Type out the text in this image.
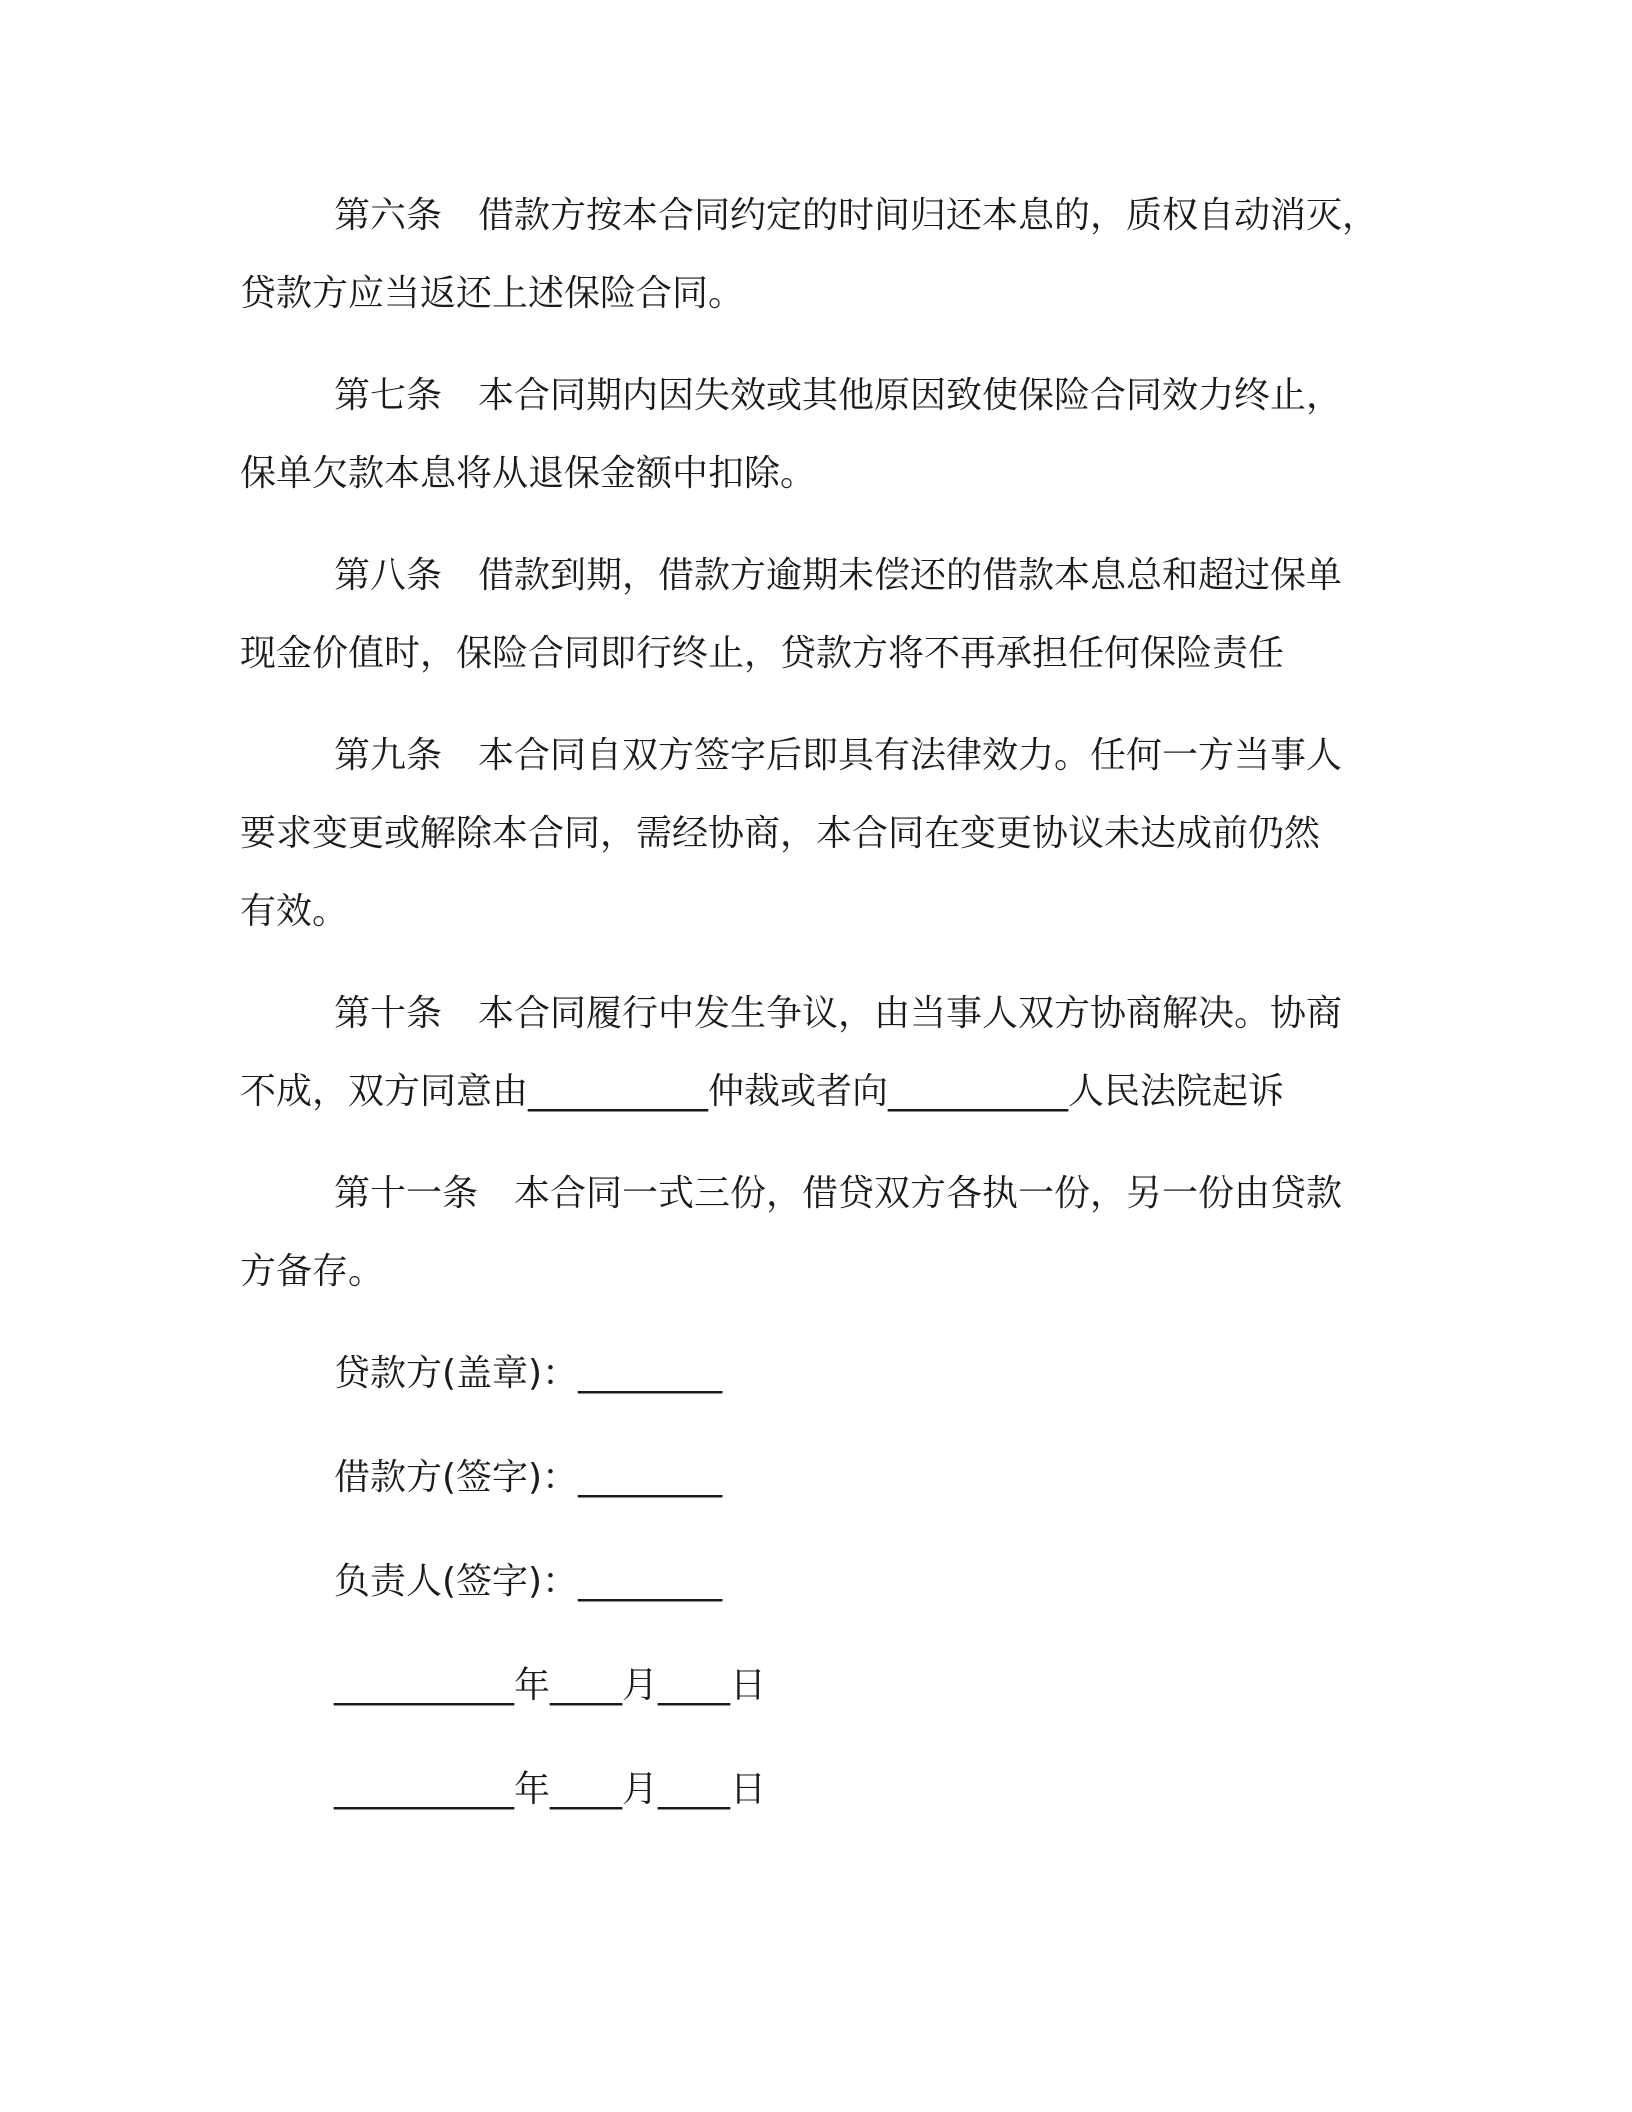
第六条　借款方按本合同约定的时间归还本息的，质权自动消灭，
贷款方应当返还上述保险合同。
第七条　本合同期内因失效或其他原因致使保险合同效力终止，
保单欠款本息将从退保金额中扣除。
第八条　借款到期，借款方逾期未偿还的借款本息总和超过保单
现金价值时，保险合同即行终止，贷款方将不再承担任何保险责任
第九条　本合同自双方签字后即具有法律效力。任何一方当事人
要求变更或解除本合同，需经协商，本合同在变更协议未达成前仍然
有效。
第十条　本合同履行中发生争议，由当事人双方协商解决。协商
不成，双方同意由__________仲裁或者向__________人民法院起诉
第十一条　本合同一式三份，借贷双方各执一份，另一份由贷款
方备存。
贷款方(盖章)：________
借款方(签字)：________
负责人(签字)：________
__________年____月____日
__________年____月____日
